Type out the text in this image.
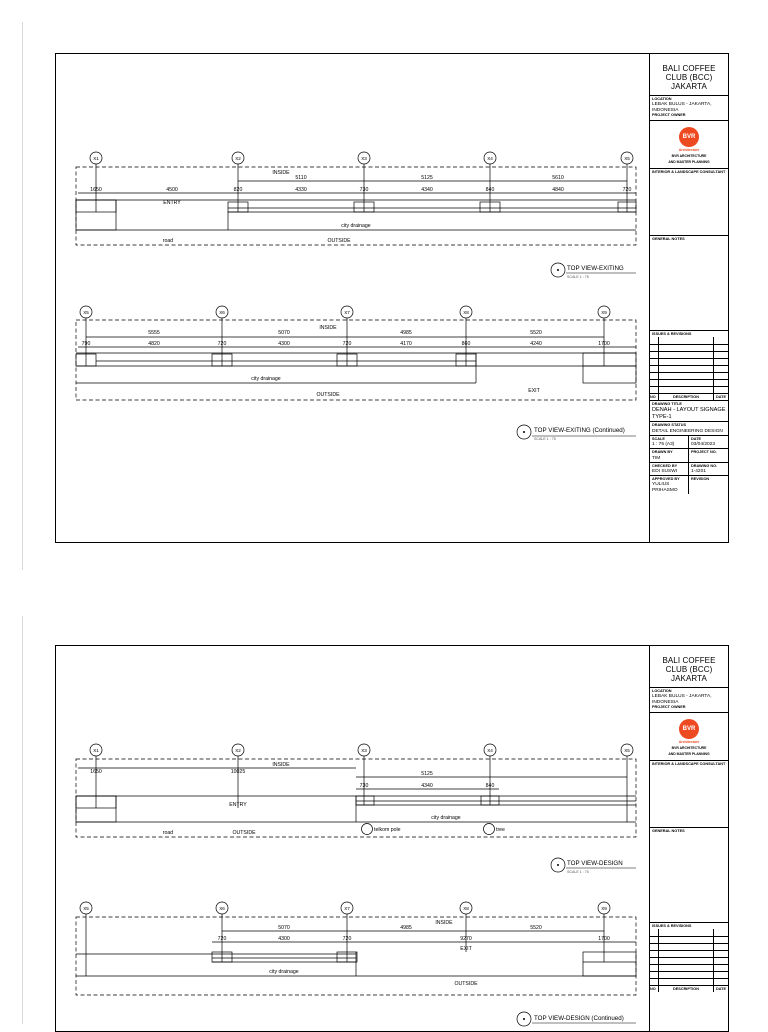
X1	X2	X3	X4	X5
INSIDE
5110	5125	5610
1650	4500	820	4330	730	4340	840	4840	720
ENTRY
city drainage
road	OUTSIDE
TOP VIEW-EXITING
SCALE 1 : 75
X5	X6	X7	X8	X9
INSIDE
5555	5070	4985	5520
790	4820	720	4300	720	4170	860	4240	1700
city drainage
EXIT
OUTSIDE
TOP VIEW-EXITING (Continued)
SCALE 1 : 75
BALI COFFEE CLUB (BCC) JAKARTA
LOCATION
LEBAK BULUS - JAKARTA, INDONESIA
PROJECT OWNER
BVR
Architecture
BVR ARCHITECTURE
AND MASTER PLANNING
INTERIOR & LANDSCAPE CONSULTANT
GENERAL NOTES
ISSUES & REVISIONS
NO	DESCRIPTION	DATE
DRAWING TITLE
DENAH - LAYOUT SIGNAGE TYPE-1
DRAWING STATUS
DETAIL ENGINEERING DESIGN
SCALE
1 : 75 (A3)
DATE
03/04/2023
DRAWN BY
TIM
PROJECT NO.
CHECKED BY
EDI SUSWI
DRAWING NO.
1-4201
APPROVED BY
YULIUS PRIHASMO
REVISION
X1	X2	X3	X4	X5
INSIDE
1650	10025	5125
730	4340	840
ENTRY
city drainage
road	OUTSIDE	telkom pole	tree
TOP VIEW-DESIGN
SCALE 1 : 75
X5	X6	X7	X8	X9
INSIDE
5070	4985	5520
720	4300	720	9270	1700
EXIT
city drainage
OUTSIDE
TOP VIEW-DESIGN (Continued)
BALI COFFEE CLUB (BCC) JAKARTA
LOCATION
LEBAK BULUS - JAKARTA, INDONESIA
PROJECT OWNER
BVR
Architecture
BVR ARCHITECTURE
AND MASTER PLANNING
INTERIOR & LANDSCAPE CONSULTANT
GENERAL NOTES
ISSUES & REVISIONS
NO	DESCRIPTION	DATE
